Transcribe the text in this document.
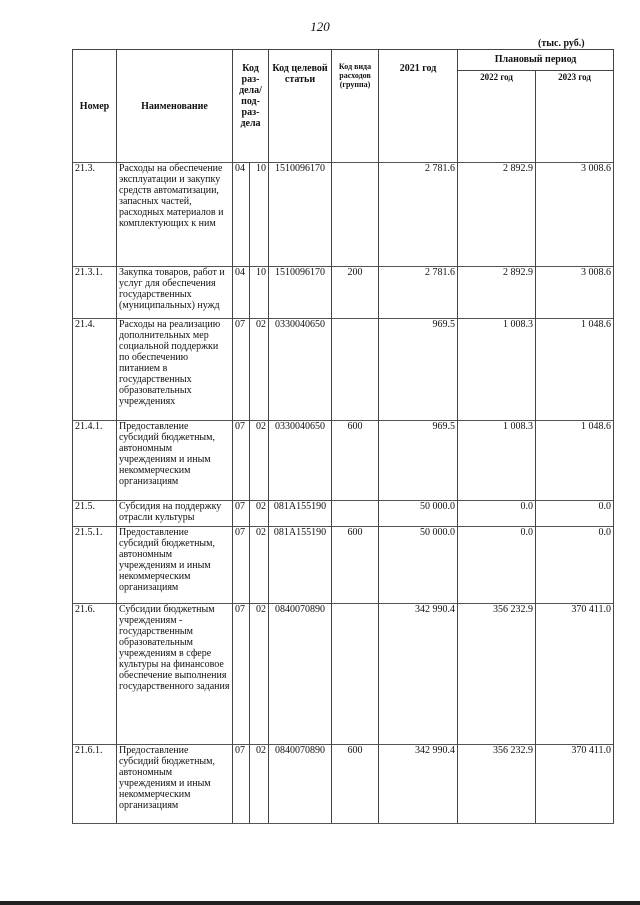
120
(тыс. руб.)
Номер	Наименование	Код раз-дела/ под-раз-дела		Код целевой статьи	Код вида расходов (группа)	2021 год	Плановый период	
							2022 год	2023 год
21.3.	Расходы на обеспечение эксплуатации и закупку средств автоматизации, запасных частей, расходных материалов и комплектующих к ним	04	10	1510096170		2 781.6	2 892.9	3 008.6
21.3.1.	Закупка товаров, работ и услуг для обеспечения государственных (муниципальных) нужд	04	10	1510096170	200	2 781.6	2 892.9	3 008.6
21.4.	Расходы на реализацию дополнительных мер социальной поддержки по обеспечению питанием в государственных образовательных учреждениях	07	02	0330040650		969.5	1 008.3	1 048.6
21.4.1.	Предоставление субсидий бюджетным, автономным учреждениям и иным некоммерческим организациям	07	02	0330040650	600	969.5	1 008.3	1 048.6
21.5.	Субсидия на поддержку отрасли культуры	07	02	081A155190		50 000.0	0.0	0.0
21.5.1.	Предоставление субсидий бюджетным, автономным учреждениям и иным некоммерческим организациям	07	02	081A155190	600	50 000.0	0.0	0.0
21.6.	Субсидии бюджетным учреждениям - государственным образовательным учреждениям в сфере культуры на финансовое обеспечение выполнения государственного задания	07	02	0840070890		342 990.4	356 232.9	370 411.0
21.6.1.	Предоставление субсидий бюджетным, автономным учреждениям и иным некоммерческим организациям	07	02	0840070890	600	342 990.4	356 232.9	370 411.0
